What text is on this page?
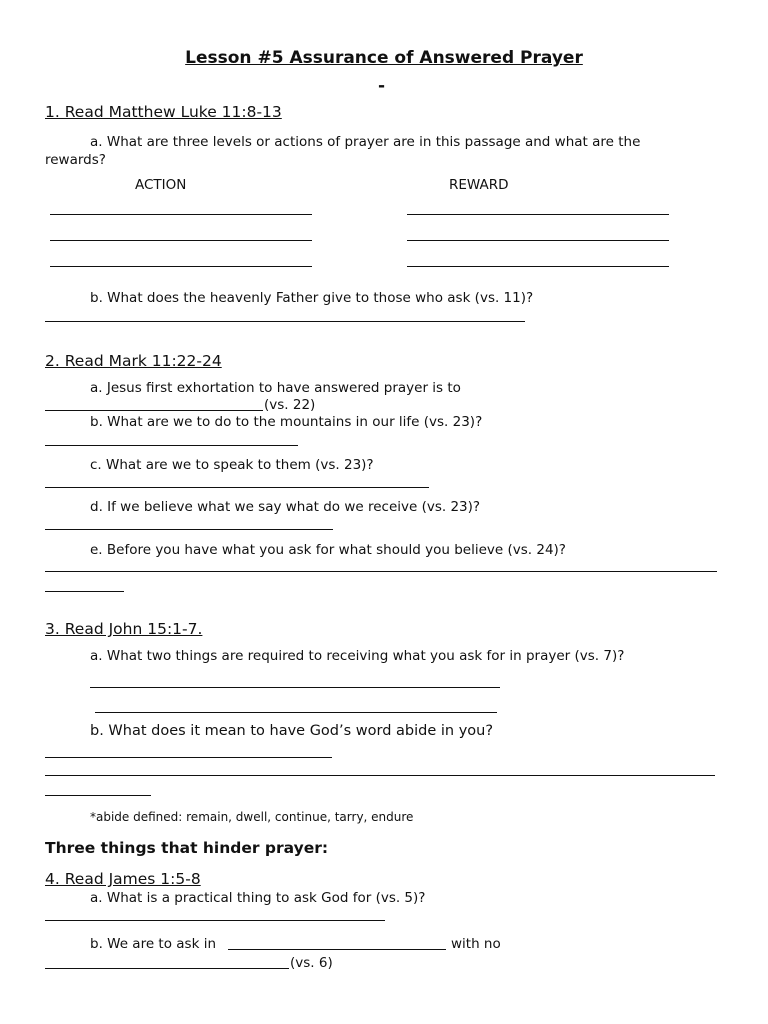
Lesson #5 Assurance of Answered Prayer
-
1. Read Matthew Luke 11:8-13
a. What are three levels or actions of prayer are in this passage and what are the
rewards?
ACTION	REWARD
b. What does the heavenly Father give to those who ask (vs. 11)?
2. Read Mark 11:22-24
a. Jesus first exhortation to have answered prayer is to
(vs. 22)
b. What are we to do to the mountains in our life (vs. 23)?
c. What are we to speak to them (vs. 23)?
d. If we believe what we say what do we receive (vs. 23)?
e. Before you have what you ask for what should you believe (vs. 24)?
3. Read John 15:1-7.
a. What two things are required to receiving what you ask for in prayer (vs. 7)?
b. What does it mean to have God’s word abide in you?
*abide defined: remain, dwell, continue, tarry, endure
Three things that hinder prayer:
4. Read James 1:5-8
a. What is a practical thing to ask God for (vs. 5)?
b. We are to ask in	with no
(vs. 6)
